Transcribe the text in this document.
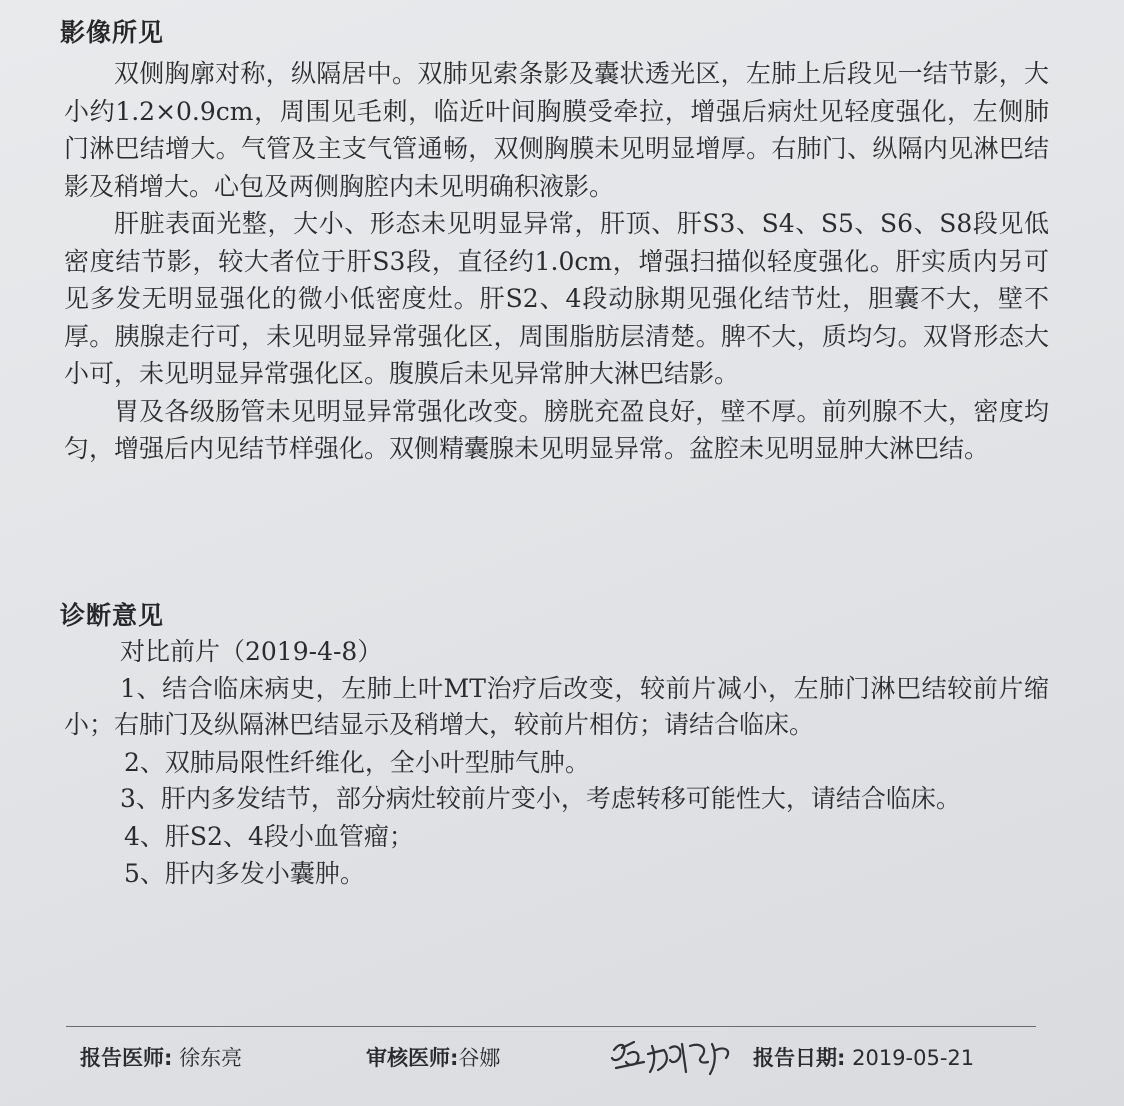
影像所见

双侧胸廓对称，纵隔居中。双肺见索条影及囊状透光区，左肺上后段见一结节影，大小约1.2×0.9cm，周围见毛刺，临近叶间胸膜受牵拉，增强后病灶见轻度强化，左侧肺门淋巴结增大。气管及主支气管通畅，双侧胸膜未见明显增厚。右肺门、纵隔内见淋巴结影及稍增大。心包及两侧胸腔内未见明确积液影。

肝脏表面光整，大小、形态未见明显异常，肝顶、肝S3、S4、S5、S6、S8段见低密度结节影，较大者位于肝S3段，直径约1.0cm，增强扫描似轻度强化。肝实质内另可见多发无明显强化的微小低密度灶。肝S2、4段动脉期见强化结节灶，胆囊不大，壁不厚。胰腺走行可，未见明显异常强化区，周围脂肪层清楚。脾不大，质均匀。双肾形态大小可，未见明显异常强化区。腹膜后未见异常肿大淋巴结影。

胃及各级肠管未见明显异常强化改变。膀胱充盈良好，壁不厚。前列腺不大，密度均匀，增强后内见结节样强化。双侧精囊腺未见明显异常。盆腔未见明显肿大淋巴结。

诊断意见

对比前片（2019-4-8）

1、结合临床病史，左肺上叶MT治疗后改变，较前片减小，左肺门淋巴结较前片缩小；右肺门及纵隔淋巴结显示及稍增大，较前片相仿；请结合临床。

2、双肺局限性纤维化，全小叶型肺气肿。

3、肝内多发结节，部分病灶较前片变小，考虑转移可能性大，请结合临床。

4、肝S2、4段小血管瘤；

5、肝内多发小囊肿。

报告医师: 徐东亮	审核医师:谷娜	报告日期: 2019-05-21
